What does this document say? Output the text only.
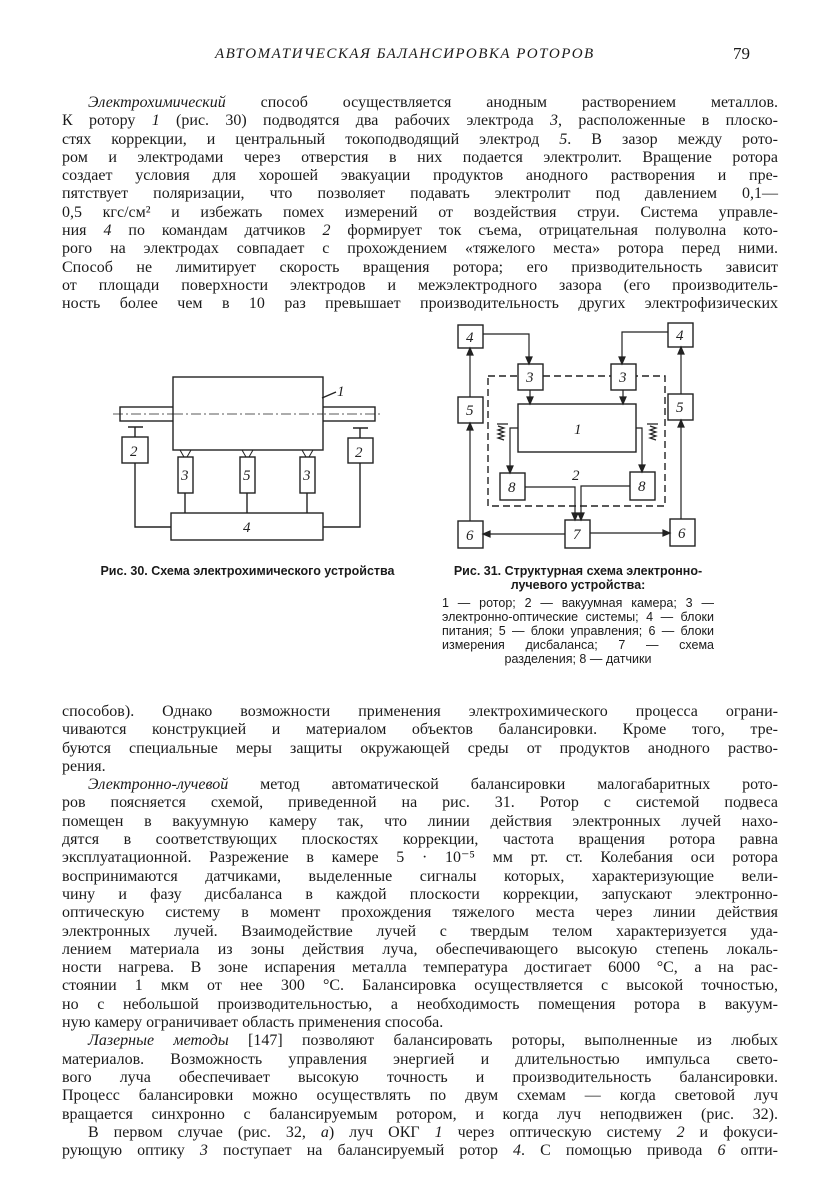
АВТОМАТИЧЕСКАЯ БАЛАНСИРОВКА РОТОРОВ	79
Электрохимический способ осуществляется анодным растворением металлов.
К ротору 1 (рис. 30) подводятся два рабочих электрода 3, расположенные в плоско-
стях коррекции, и центральный токоподводящий электрод 5. В зазор между рото-
ром и электродами через отверстия в них подается электролит. Вращение ротора
создает условия для хорошей эвакуации продуктов анодного растворения и пре-
пятствует поляризации, что позволяет подавать электролит под давлением 0,1—
0,5 кгс/см² и избежать помех измерений от воздействия струи. Система управле-
ния 4 по командам датчиков 2 формирует ток съема, отрицательная полуволна кото-
рого на электродах совпадает с прохождением «тяжелого места» ротора перед ними.
Способ не лимитирует скорость вращения ротора; его призводительность зависит
от площади поверхности электродов и межэлектродного зазора (его производитель-
ность более чем в 10 раз превышает производительность других электрофизических
способов). Однако возможности применения электрохимического процесса ограни-
чиваются конструкцией и материалом объектов балансировки. Кроме того, тре-
буются специальные меры защиты окружающей среды от продуктов анодного раство-
рения.
Электронно-лучевой метод автоматической балансировки малогабаритных рото-
ров поясняется схемой, приведенной на рис. 31. Ротор с системой подвеса
помещен в вакуумную камеру так, что линии действия электронных лучей нахо-
дятся в соответствующих плоскостях коррекции, частота вращения ротора равна
эксплуатационной. Разрежение в камере 5 · 10⁻⁵ мм рт. ст. Колебания оси ротора
воспринимаются датчиками, выделенные сигналы которых, характеризующие вели-
чину и фазу дисбаланса в каждой плоскости коррекции, запускают электронно-
оптическую систему в момент прохождения тяжелого места через линии действия
электронных лучей. Взаимодействие лучей с твердым телом характеризуется уда-
лением материала из зоны действия луча, обеспечивающего высокую степень локаль-
ности нагрева. В зоне испарения металла температура достигает 6000 °С, а на рас-
стоянии 1 мкм от нее 300 °С. Балансировка осуществляется с высокой точностью,
но с небольшой производительностью, а необходимость помещения ротора в вакуум-
ную камеру ограничивает область применения способа.
Лазерные методы [147] позволяют балансировать роторы, выполненные из любых
материалов. Возможность управления энергией и длительностью импульса свето-
вого луча обеспечивает высокую точность и производительность балансировки.
Процесс балансировки можно осуществлять по двум схемам — когда световой луч
вращается синхронно с балансируемым ротором, и когда луч неподвижен (рис. 32).
В первом случае (рис. 32, а) луч ОКГ 1 через оптическую систему 2 и фокуси-
рующую оптику 3 поступает на балансируемый ротор 4. С помощью привода 6 опти-
1
2	2
3	5	3
4
2
4	4
5	5
3	3
1
8	8
7
6	6
Рис. 30. Схема электрохимического устройства	Рис. 31. Структурная схема электронно-лучевого устройства:
1 — ротор; 2 — вакуумная камера; 3 — электронно-оптические системы; 4 — блоки питания; 5 — блоки управления; 6 — блоки измерения дисбаланса; 7 — схема разделения; 8 — датчики
